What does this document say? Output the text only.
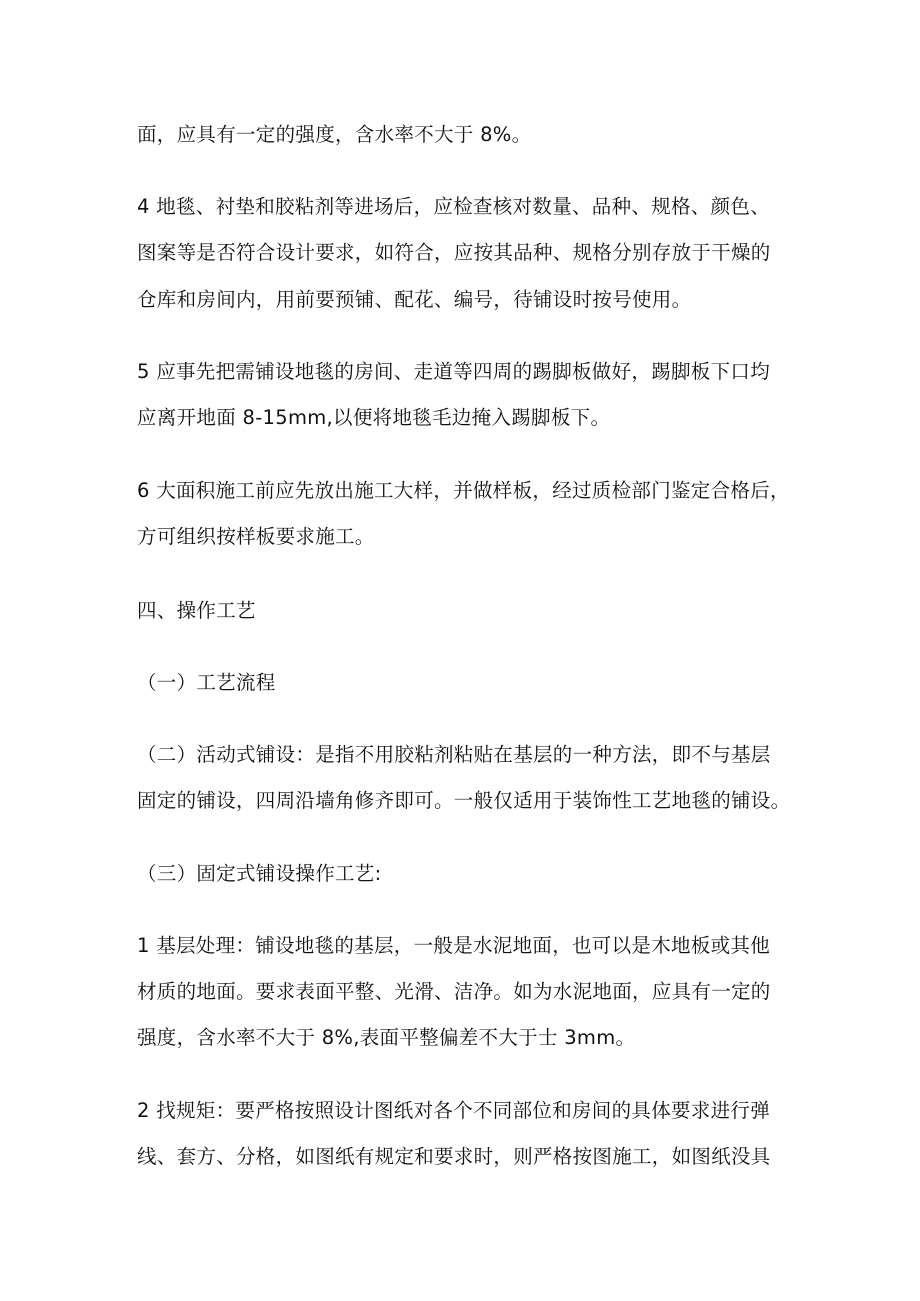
面，应具有一定的强度，含水率不大于 8%。

4 地毯、衬垫和胶粘剂等进场后，应检查核对数量、品种、规格、颜色、

图案等是否符合设计要求，如符合，应按其品种、规格分别存放于干燥的

仓库和房间内，用前要预铺、配花、编号，待铺设时按号使用。

5 应事先把需铺设地毯的房间、走道等四周的踢脚板做好，踢脚板下口均

应离开地面 8-15mm,以便将地毯毛边掩入踢脚板下。

6 大面积施工前应先放出施工大样，并做样板，经过质检部门鉴定合格后，

方可组织按样板要求施工。

四、操作工艺

（一）工艺流程

（二）活动式铺设：是指不用胶粘剂粘贴在基层的一种方法，即不与基层

固定的铺设，四周沿墙角修齐即可。一般仅适用于装饰性工艺地毯的铺设。

（三）固定式铺设操作工艺:

1 基层处理：铺设地毯的基层，一般是水泥地面，也可以是木地板或其他

材质的地面。要求表面平整、光滑、洁净。如为水泥地面，应具有一定的

强度，含水率不大于 8%,表面平整偏差不大于士 3mm。

2 找规矩：要严格按照设计图纸对各个不同部位和房间的具体要求进行弹

线、套方、分格，如图纸有规定和要求时，则严格按图施工，如图纸没具
